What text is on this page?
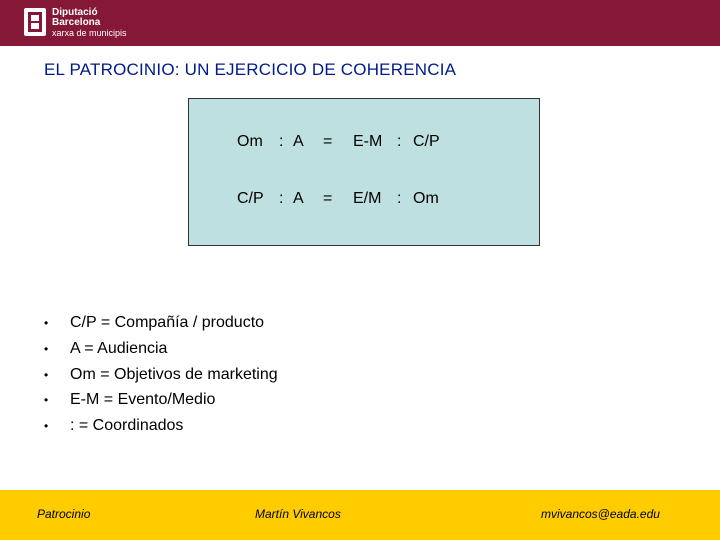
Diputació
Barcelona
xarxa de municipis
EL PATROCINIO: UN EJERCICIO DE COHERENCIA
Om : A = E-M : C/P
C/P : A = E/M : Om
• C/P = Compañía / producto
• A = Audiencia
• Om = Objetivos de marketing
• E-M = Evento/Medio
• : = Coordinados
Patrocinio	Martín Vivancos	mvivancos@eada.edu
